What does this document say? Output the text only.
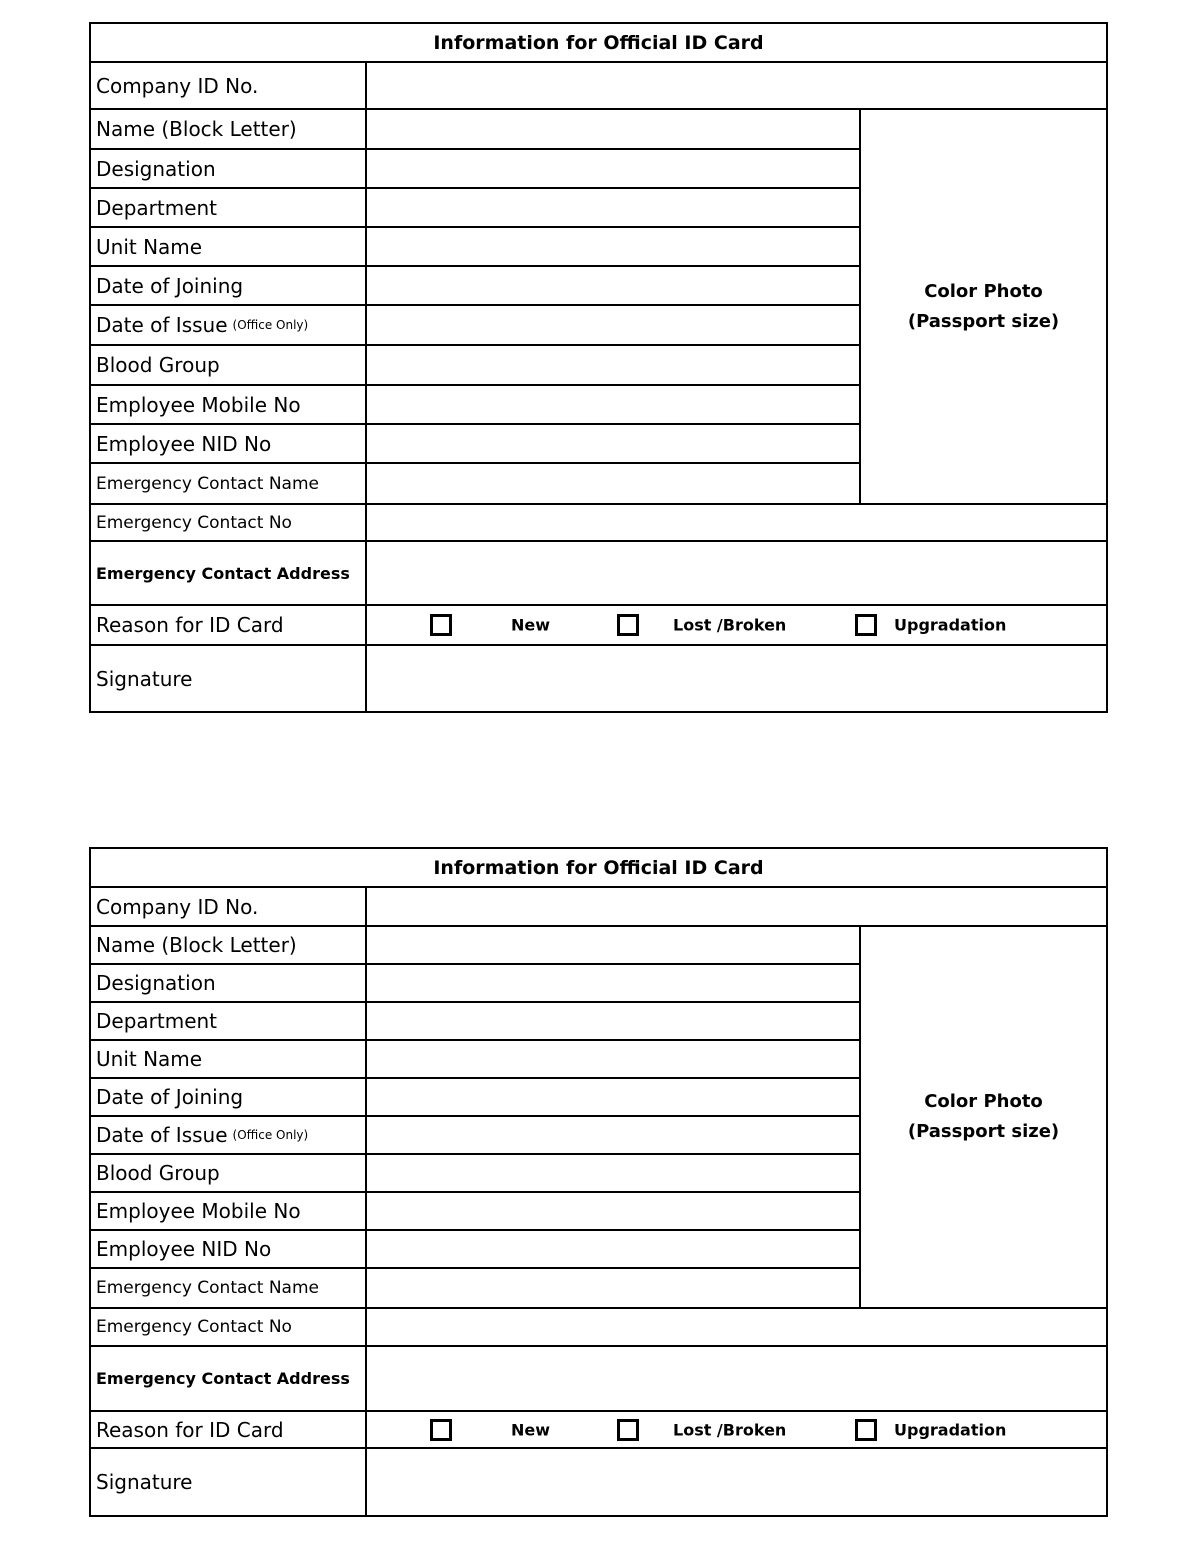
Information for Official ID Card
Company ID No.
Name (Block Letter)
Designation
Department
Unit Name
Date of Joining
Date of Issue (Office Only)
Blood Group
Employee Mobile No
Employee NID No
Emergency Contact Name
Color Photo
(Passport size)
Emergency Contact No
Emergency Contact Address
Reason for ID Card	New	Lost /Broken	Upgradation
Signature
Information for Official ID Card
Company ID No.
Name (Block Letter)
Designation
Department
Unit Name
Date of Joining
Date of Issue (Office Only)
Blood Group
Employee Mobile No
Employee NID No
Emergency Contact Name
Color Photo
(Passport size)
Emergency Contact No
Emergency Contact Address
Reason for ID Card	New	Lost /Broken	Upgradation
Signature
